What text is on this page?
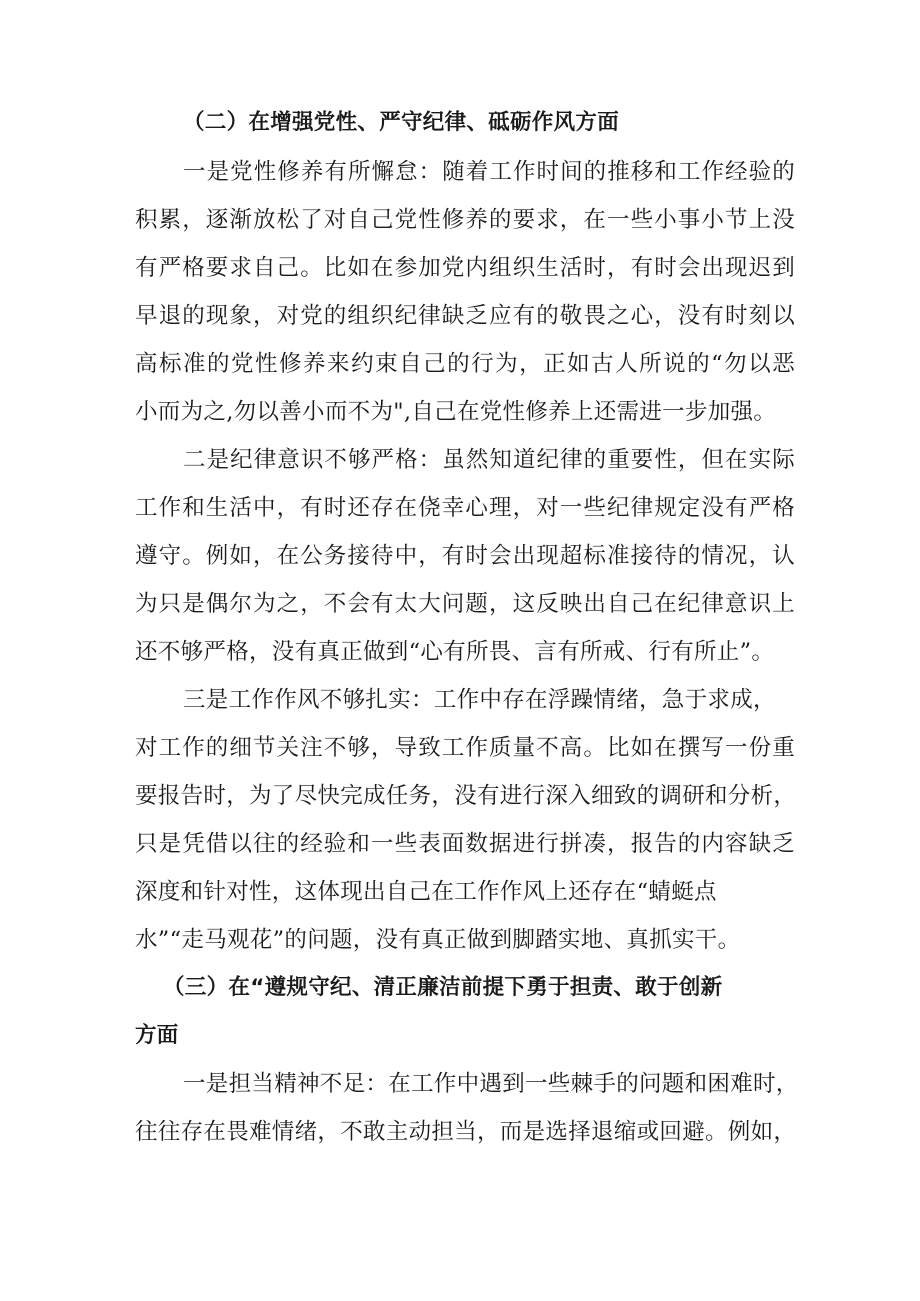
（二）在增强党性、严守纪律、砥砺作风方面
一是党性修养有所懈怠：随着工作时间的推移和工作经验的
积累，逐渐放松了对自己党性修养的要求，在一些小事小节上没
有严格要求自己。比如在参加党内组织生活时，有时会出现迟到
早退的现象，对党的组织纪律缺乏应有的敬畏之心，没有时刻以
高标准的党性修养来约束自己的行为，正如古人所说的“勿以恶
小而为之,勿以善小而不为",自己在党性修养上还需进一步加强。
二是纪律意识不够严格：虽然知道纪律的重要性，但在实际
工作和生活中，有时还存在侥幸心理，对一些纪律规定没有严格
遵守。例如，在公务接待中，有时会出现超标准接待的情况，认
为只是偶尔为之，不会有太大问题，这反映出自己在纪律意识上
还不够严格，没有真正做到“心有所畏、言有所戒、行有所止”。
三是工作作风不够扎实：工作中存在浮躁情绪，急于求成，
对工作的细节关注不够，导致工作质量不高。比如在撰写一份重
要报告时，为了尽快完成任务，没有进行深入细致的调研和分析，
只是凭借以往的经验和一些表面数据进行拼凑，报告的内容缺乏
深度和针对性，这体现出自己在工作作风上还存在“蜻蜓点
水”“走马观花”的问题，没有真正做到脚踏实地、真抓实干。
（三）在“遵规守纪、清正廉洁前提下勇于担责、敢于创新
方面
一是担当精神不足：在工作中遇到一些棘手的问题和困难时，
往往存在畏难情绪，不敢主动担当，而是选择退缩或回避。例如，
